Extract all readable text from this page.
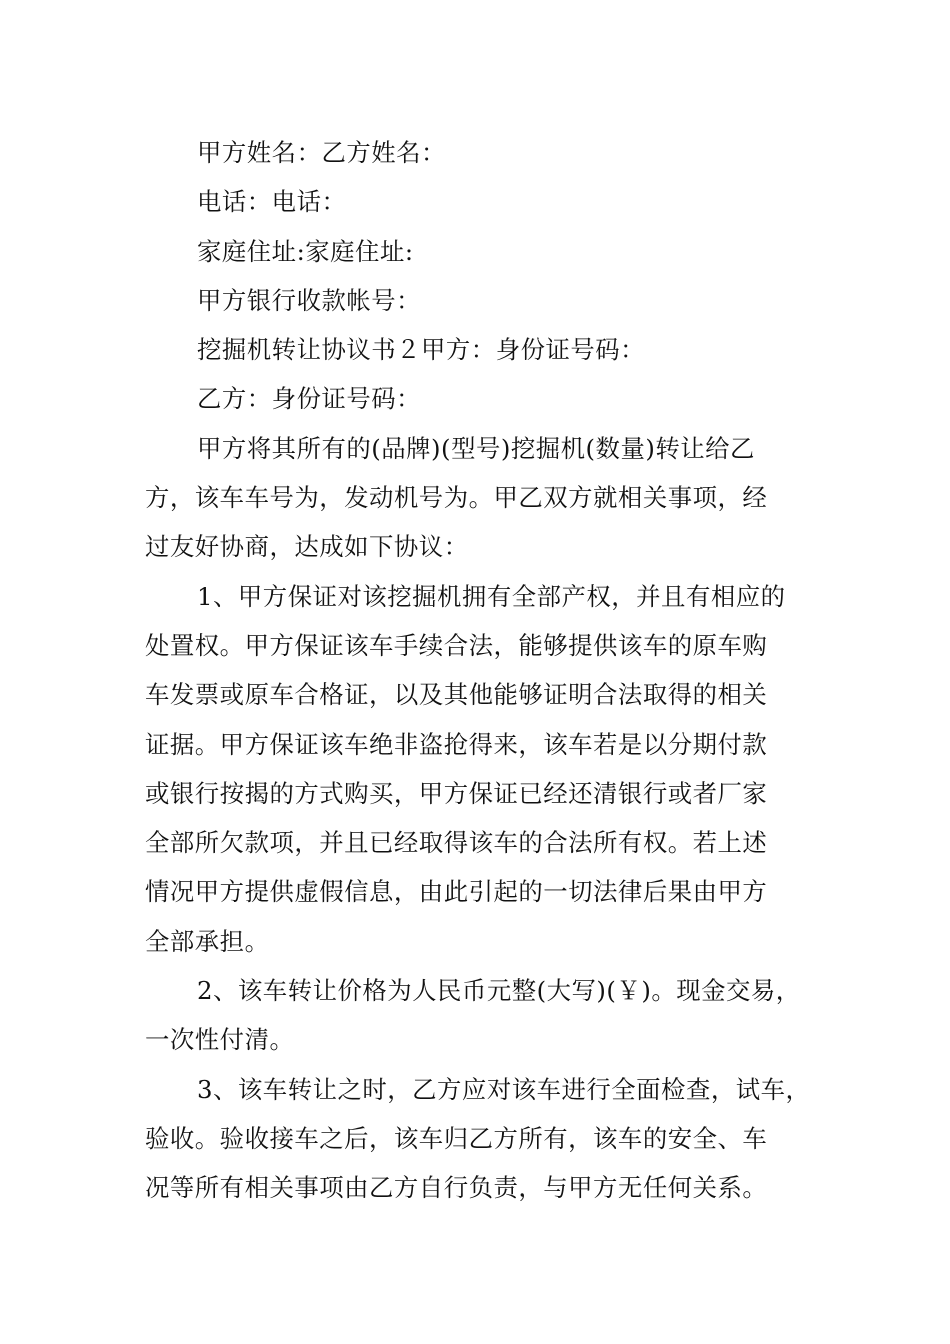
甲方姓名：乙方姓名：
电话：电话：
家庭住址:家庭住址:
甲方银行收款帐号：
挖掘机转让协议书２甲方：身份证号码：
乙方：身份证号码：
甲方将其所有的(品牌)(型号)挖掘机(数量)转让给乙
方，该车车号为，发动机号为。甲乙双方就相关事项，经
过友好协商，达成如下协议：
1、甲方保证对该挖掘机拥有全部产权，并且有相应的
处置权。甲方保证该车手续合法，能够提供该车的原车购
车发票或原车合格证，以及其他能够证明合法取得的相关
证据。甲方保证该车绝非盗抢得来，该车若是以分期付款
或银行按揭的方式购买，甲方保证已经还清银行或者厂家
全部所欠款项，并且已经取得该车的合法所有权。若上述
情况甲方提供虚假信息，由此引起的一切法律后果由甲方
全部承担。
2、该车转让价格为人民币元整(大写)(￥)。现金交易，
一次性付清。
3、该车转让之时，乙方应对该车进行全面检查，试车，
验收。验收接车之后，该车归乙方所有，该车的安全、车
况等所有相关事项由乙方自行负责，与甲方无任何关系。
